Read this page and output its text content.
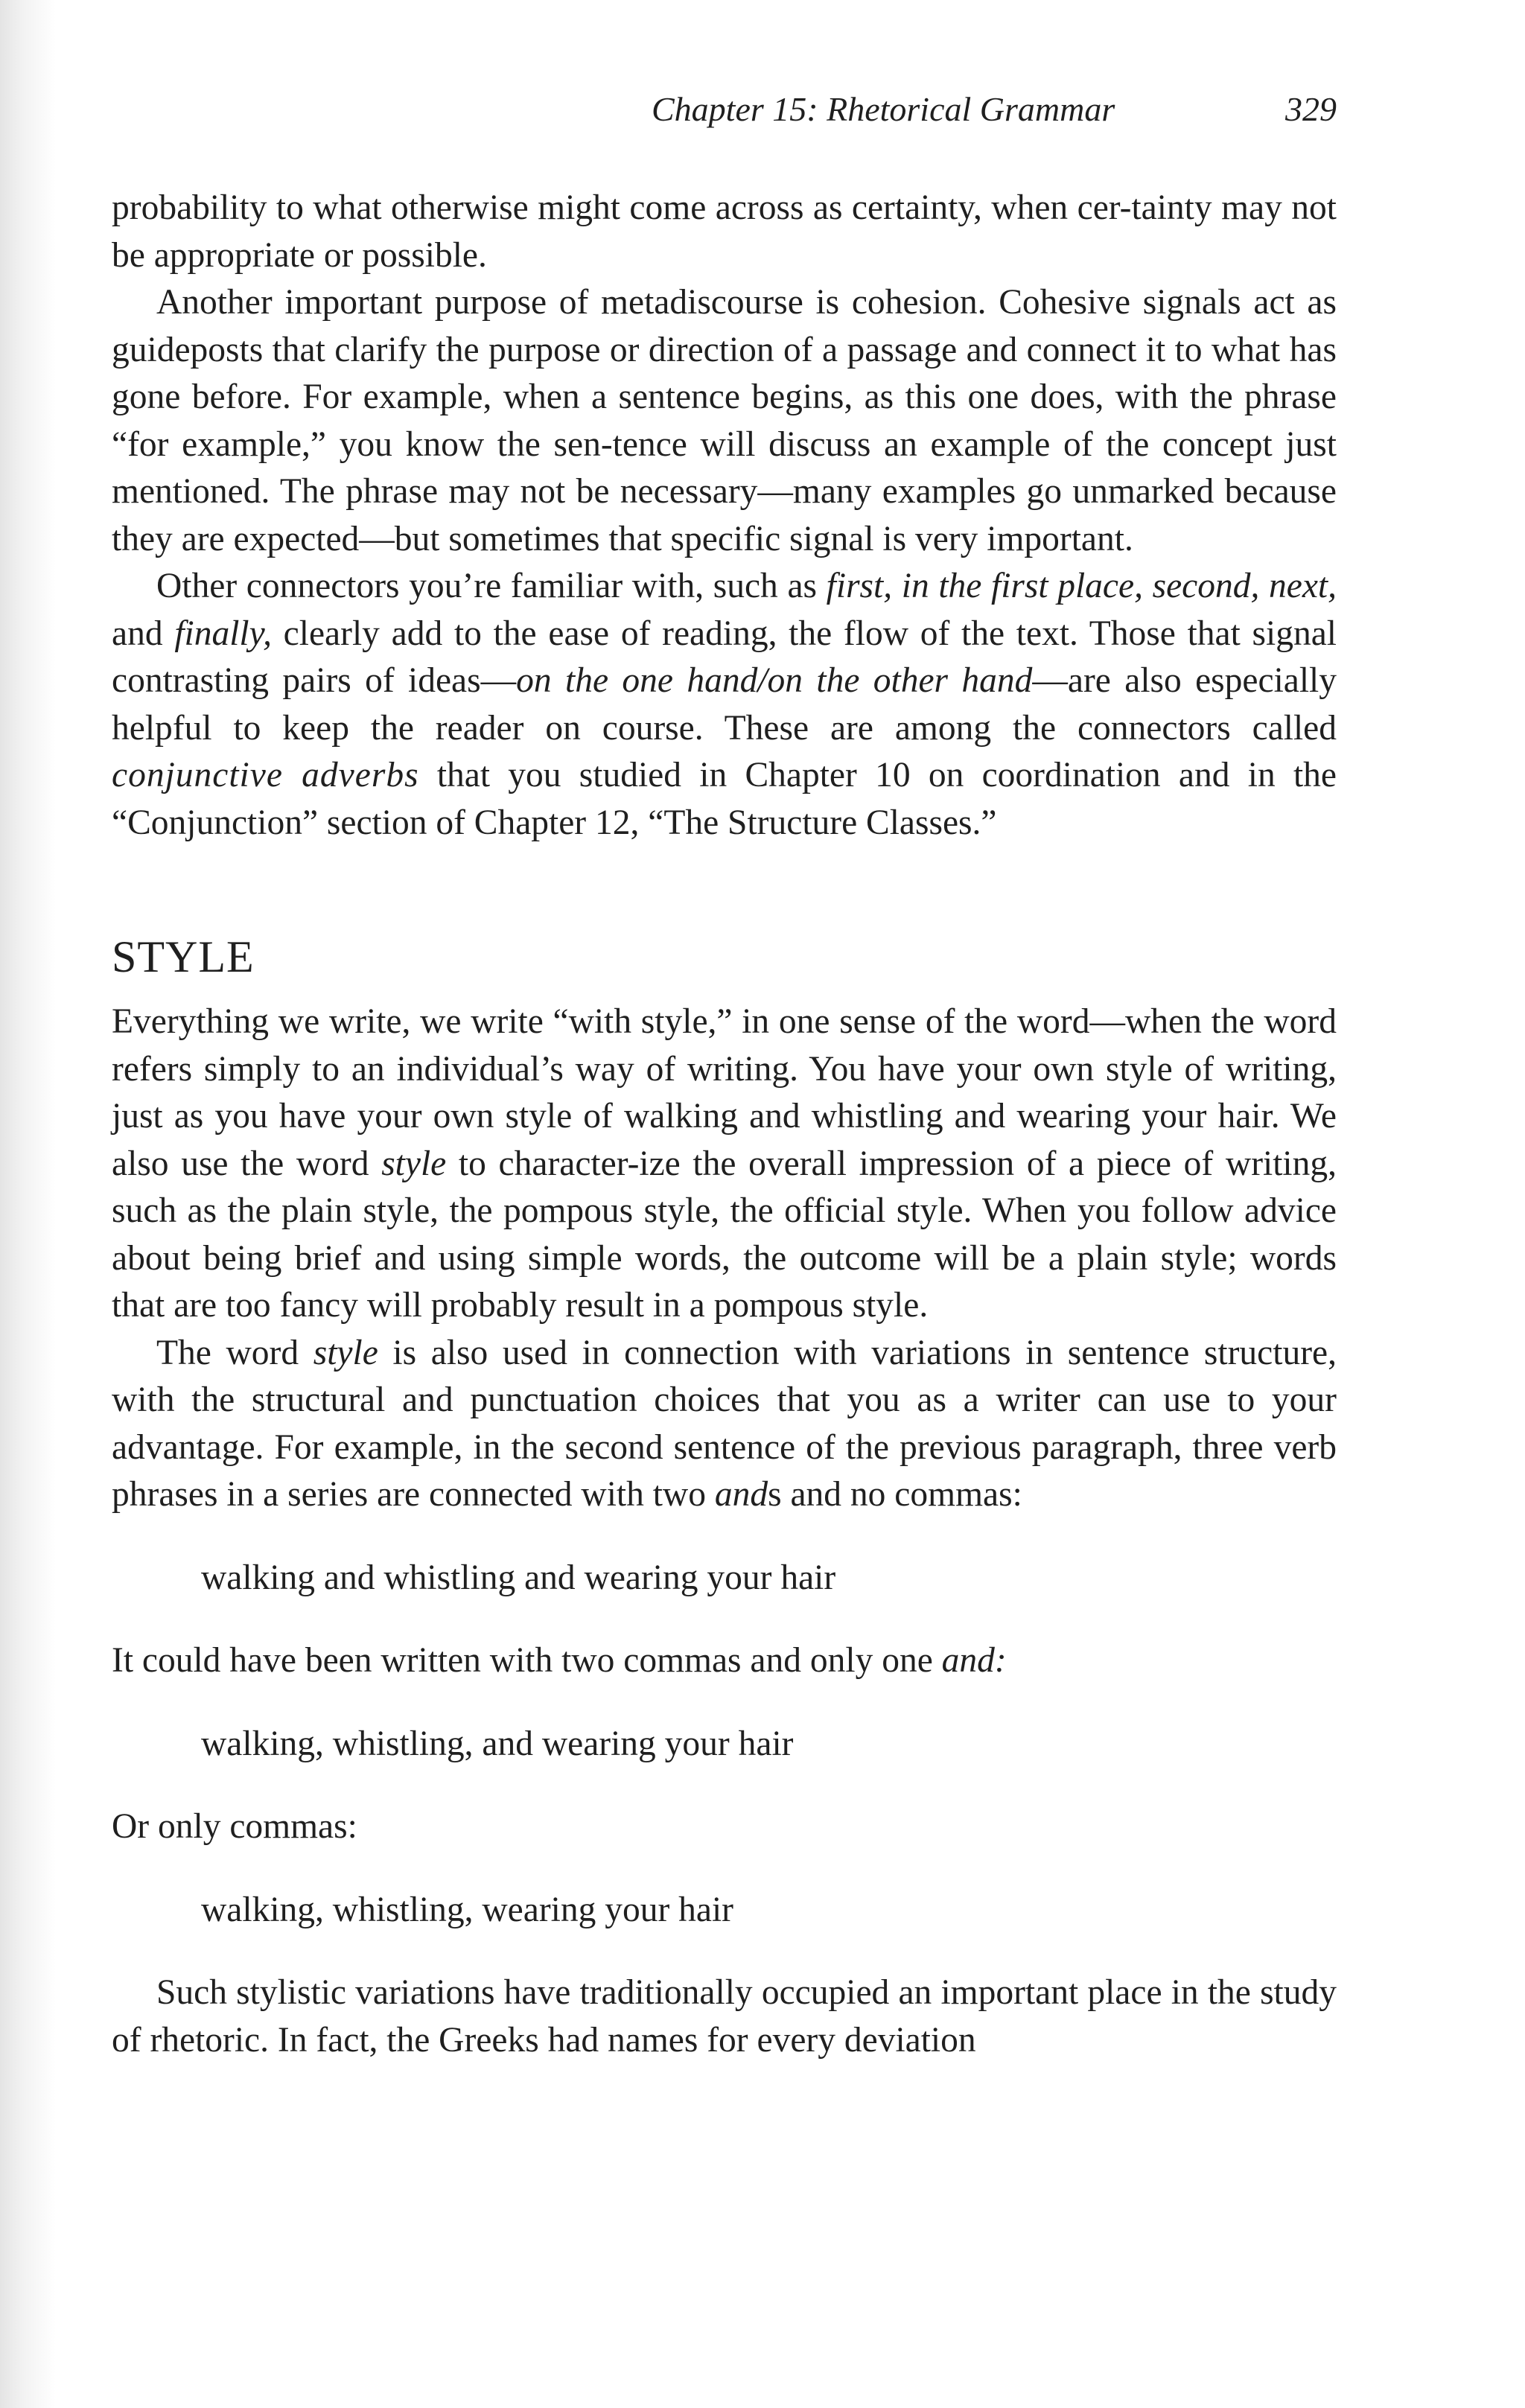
Chapter 15: Rhetorical Grammar	329

probability to what otherwise might come across as certainty, when cer-tainty may not be appropriate or possible.

Another important purpose of metadiscourse is cohesion. Cohesive signals act as guideposts that clarify the purpose or direction of a passage and connect it to what has gone before. For example, when a sentence begins, as this one does, with the phrase “for example,” you know the sen-tence will discuss an example of the concept just mentioned. The phrase may not be necessary—many examples go unmarked because they are expected—but sometimes that specific signal is very important.

Other connectors you’re familiar with, such as first, in the first place, second, next, and finally, clearly add to the ease of reading, the flow of the text. Those that signal contrasting pairs of ideas—on the one hand/on the other hand—are also especially helpful to keep the reader on course. These are among the connectors called conjunctive adverbs that you studied in Chapter 10 on coordination and in the “Conjunction” section of Chapter 12, “The Structure Classes.”

STYLE

Everything we write, we write “with style,” in one sense of the word—when the word refers simply to an individual’s way of writing. You have your own style of writing, just as you have your own style of walking and whistling and wearing your hair. We also use the word style to character-ize the overall impression of a piece of writing, such as the plain style, the pompous style, the official style. When you follow advice about being brief and using simple words, the outcome will be a plain style; words that are too fancy will probably result in a pompous style.

The word style is also used in connection with variations in sentence structure, with the structural and punctuation choices that you as a writer can use to your advantage. For example, in the second sentence of the previous paragraph, three verb phrases in a series are connected with two ands and no commas:

walking and whistling and wearing your hair

It could have been written with two commas and only one and:

walking, whistling, and wearing your hair

Or only commas:

walking, whistling, wearing your hair

Such stylistic variations have traditionally occupied an important place in the study of rhetoric. In fact, the Greeks had names for every deviation
